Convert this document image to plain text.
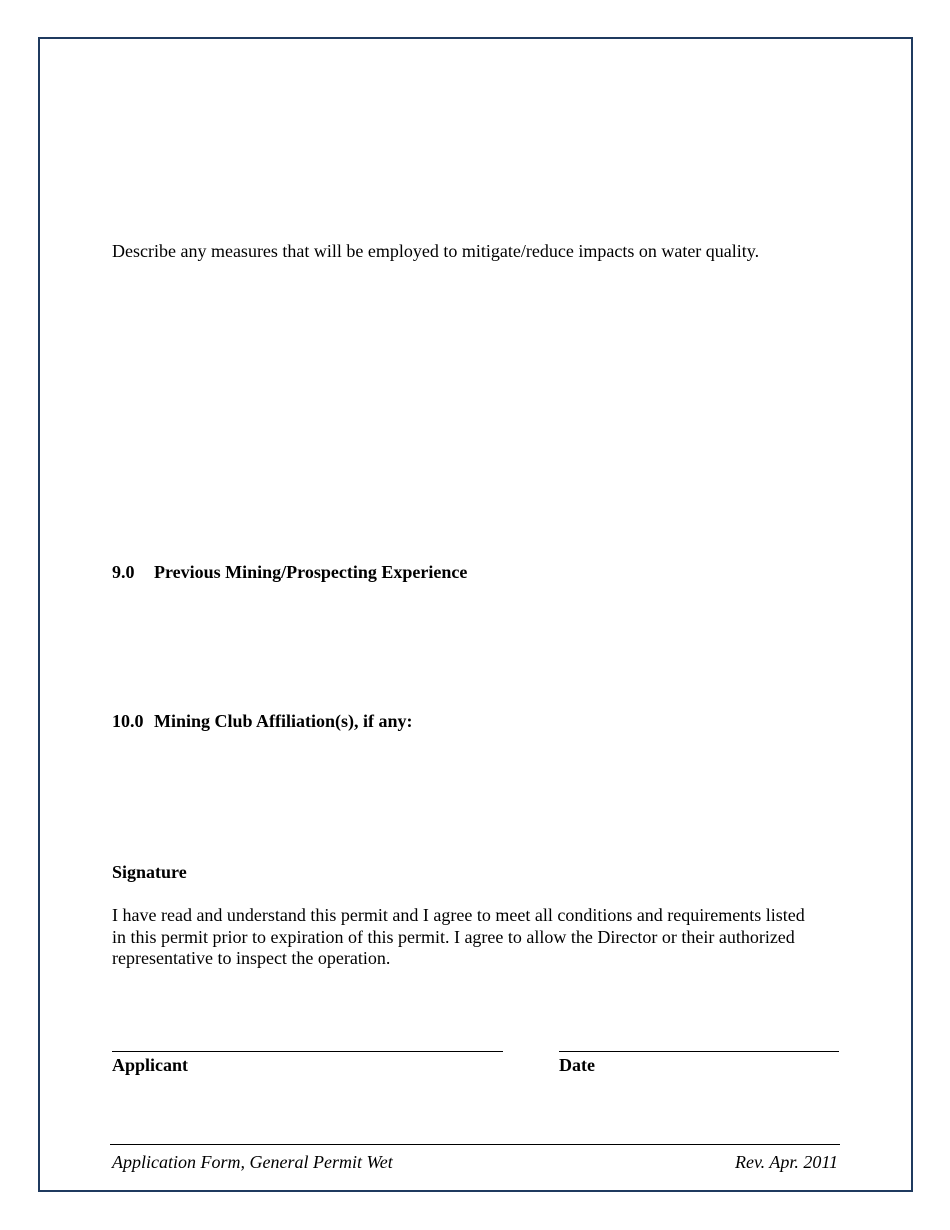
Describe any measures that will be employed to mitigate/reduce impacts on water quality.
9.0 Previous Mining/Prospecting Experience
10.0 Mining Club Affiliation(s), if any:
Signature
I have read and understand this permit and I agree to meet all conditions and requirements listed
in this permit prior to expiration of this permit. I agree to allow the Director or their authorized
representative to inspect the operation.
Applicant	Date
Application Form, General Permit Wet	Rev. Apr. 2011
